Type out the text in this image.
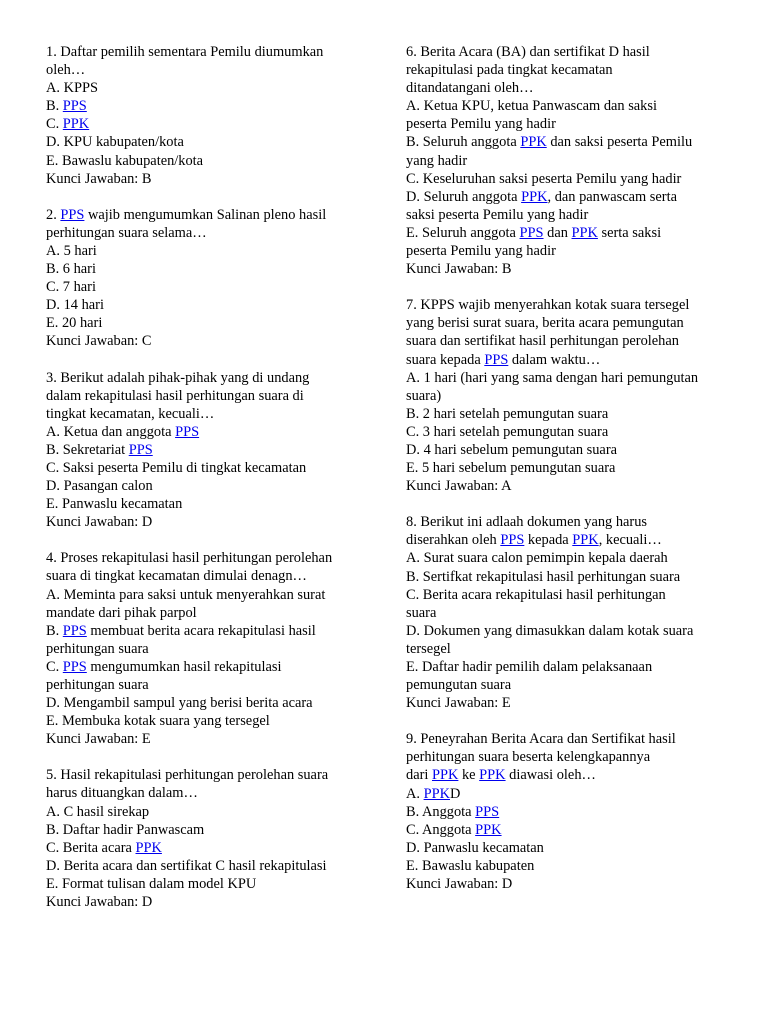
1. Daftar pemilih sementara Pemilu diumumkan
oleh…
A. KPPS
B. PPS
C. PPK
D. KPU kabupaten/kota
E. Bawaslu kabupaten/kota
Kunci Jawaban: B
2. PPS wajib mengumumkan Salinan pleno hasil
perhitungan suara selama…
A. 5 hari
B. 6 hari
C. 7 hari
D. 14 hari
E. 20 hari
Kunci Jawaban: C
3. Berikut adalah pihak-pihak yang di undang
dalam rekapitulasi hasil perhitungan suara di
tingkat kecamatan, kecuali…
A. Ketua dan anggota PPS
B. Sekretariat PPS
C. Saksi peserta Pemilu di tingkat kecamatan
D. Pasangan calon
E. Panwaslu kecamatan
Kunci Jawaban: D
4. Proses rekapitulasi hasil perhitungan perolehan
suara di tingkat kecamatan dimulai denagn…
A. Meminta para saksi untuk menyerahkan surat
mandate dari pihak parpol
B. PPS membuat berita acara rekapitulasi hasil
perhitungan suara
C. PPS mengumumkan hasil rekapitulasi
perhitungan suara
D. Mengambil sampul yang berisi berita acara
E. Membuka kotak suara yang tersegel
Kunci Jawaban: E
5. Hasil rekapitulasi perhitungan perolehan suara
harus dituangkan dalam…
A. C hasil sirekap
B. Daftar hadir Panwascam
C. Berita acara PPK
D. Berita acara dan sertifikat C hasil rekapitulasi
E. Format tulisan dalam model KPU
Kunci Jawaban: D
6. Berita Acara (BA) dan sertifikat D hasil
rekapitulasi pada tingkat kecamatan
ditandatangani oleh…
A. Ketua KPU, ketua Panwascam dan saksi
peserta Pemilu yang hadir
B. Seluruh anggota PPK dan saksi peserta Pemilu
yang hadir
C. Keseluruhan saksi peserta Pemilu yang hadir
D. Seluruh anggota PPK, dan panwascam serta
saksi peserta Pemilu yang hadir
E. Seluruh anggota PPS dan PPK serta saksi
peserta Pemilu yang hadir
Kunci Jawaban: B
7. KPPS wajib menyerahkan kotak suara tersegel
yang berisi surat suara, berita acara pemungutan
suara dan sertifikat hasil perhitungan perolehan
suara kepada PPS dalam waktu…
A. 1 hari (hari yang sama dengan hari pemungutan
suara)
B. 2 hari setelah pemungutan suara
C. 3 hari setelah pemungutan suara
D. 4 hari sebelum pemungutan suara
E. 5 hari sebelum pemungutan suara
Kunci Jawaban: A
8. Berikut ini adlaah dokumen yang harus
diserahkan oleh PPS kepada PPK, kecuali…
A. Surat suara calon pemimpin kepala daerah
B. Sertifkat rekapitulasi hasil perhitungan suara
C. Berita acara rekapitulasi hasil perhitungan
suara
D. Dokumen yang dimasukkan dalam kotak suara
tersegel
E. Daftar hadir pemilih dalam pelaksanaan
pemungutan suara
Kunci Jawaban: E
9. Peneyrahan Berita Acara dan Sertifikat hasil
perhitungan suara beserta kelengkapannya
dari PPK ke PPK diawasi oleh…
A. PPKD
B. Anggota PPS
C. Anggota PPK
D. Panwaslu kecamatan
E. Bawaslu kabupaten
Kunci Jawaban: D
